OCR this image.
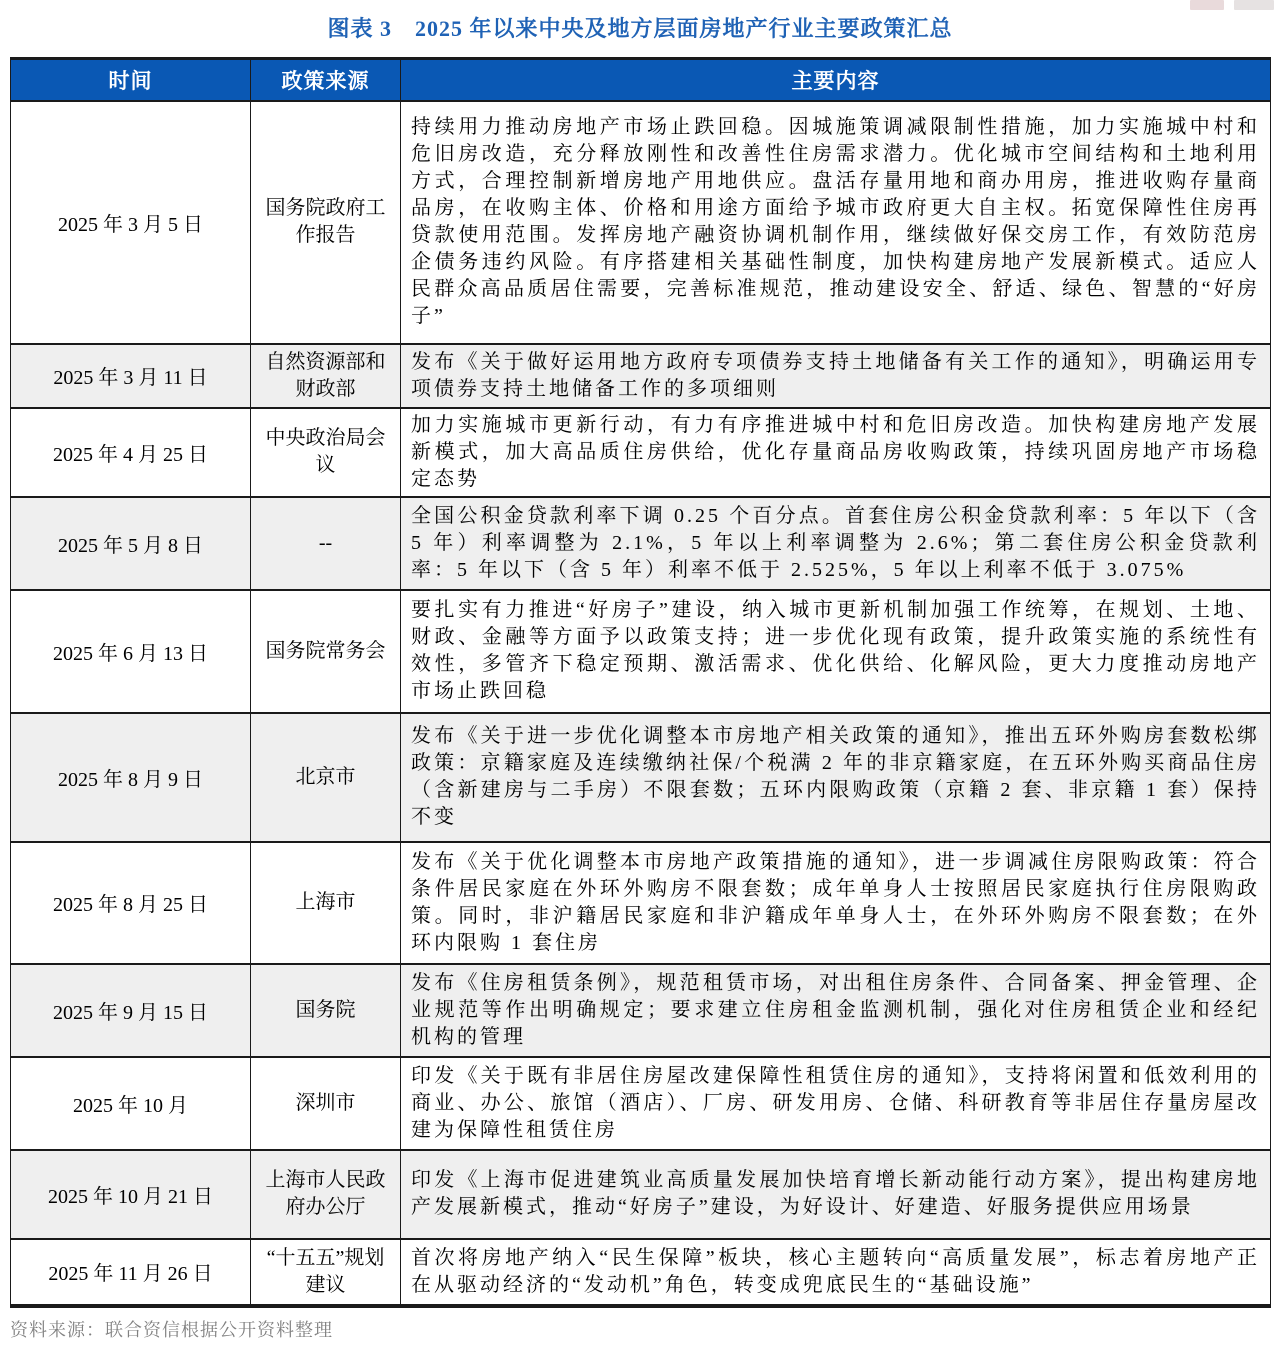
图表 3　2025 年以来中央及地方层面房地产行业主要政策汇总
时间	政策来源	主要内容
2025 年 3 月 5 日	国务院政府工作报告	持续用力推动房地产市场止跌回稳。因城施策调减限制性措施，加力实施城中村和危旧房改造，充分释放刚性和改善性住房需求潜力。优化城市空间结构和土地利用方式，合理控制新增房地产用地供应。盘活存量用地和商办用房，推进收购存量商品房，在收购主体、价格和用途方面给予城市政府更大自主权。拓宽保障性住房再贷款使用范围。发挥房地产融资协调机制作用，继续做好保交房工作，有效防范房企债务违约风险。有序搭建相关基础性制度，加快构建房地产发展新模式。适应人民群众高品质居住需要，完善标准规范，推动建设安全、舒适、绿色、智慧的“好房子”
2025 年 3 月 11 日	自然资源部和财政部	发布《关于做好运用地方政府专项债券支持土地储备有关工作的通知》，明确运用专项债券支持土地储备工作的多项细则
2025 年 4 月 25 日	中央政治局会议	加力实施城市更新行动，有力有序推进城中村和危旧房改造。加快构建房地产发展新模式，加大高品质住房供给，优化存量商品房收购政策，持续巩固房地产市场稳定态势
2025 年 5 月 8 日	--	全国公积金贷款利率下调 0.25 个百分点。首套住房公积金贷款利率：5 年以下（含 5 年）利率调整为 2.1%，5 年以上利率调整为 2.6%；第二套住房公积金贷款利率：5 年以下（含 5 年）利率不低于 2.525%，5 年以上利率不低于 3.075%
2025 年 6 月 13 日	国务院常务会	要扎实有力推进“好房子”建设，纳入城市更新机制加强工作统筹，在规划、土地、财政、金融等方面予以政策支持；进一步优化现有政策，提升政策实施的系统性有效性，多管齐下稳定预期、激活需求、优化供给、化解风险，更大力度推动房地产市场止跌回稳
2025 年 8 月 9 日	北京市	发布《关于进一步优化调整本市房地产相关政策的通知》，推出五环外购房套数松绑政策：京籍家庭及连续缴纳社保/个税满 2 年的非京籍家庭，在五环外购买商品住房（含新建房与二手房）不限套数；五环内限购政策（京籍 2 套、非京籍 1 套）保持不变
2025 年 8 月 25 日	上海市	发布《关于优化调整本市房地产政策措施的通知》，进一步调减住房限购政策：符合条件居民家庭在外环外购房不限套数；成年单身人士按照居民家庭执行住房限购政策。同时，非沪籍居民家庭和非沪籍成年单身人士，在外环外购房不限套数；在外环内限购 1 套住房
2025 年 9 月 15 日	国务院	发布《住房租赁条例》，规范租赁市场，对出租住房条件、合同备案、押金管理、企业规范等作出明确规定；要求建立住房租金监测机制，强化对住房租赁企业和经纪机构的管理
2025 年 10 月	深圳市	印发《关于既有非居住房屋改建保障性租赁住房的通知》，支持将闲置和低效利用的商业、办公、旅馆（酒店）、厂房、研发用房、仓储、科研教育等非居住存量房屋改建为保障性租赁住房
2025 年 10 月 21 日	上海市人民政府办公厅	印发《上海市促进建筑业高质量发展加快培育增长新动能行动方案》，提出构建房地产发展新模式，推动“好房子”建设，为好设计、好建造、好服务提供应用场景
2025 年 11 月 26 日	“十五五”规划建议	首次将房地产纳入“民生保障”板块，核心主题转向“高质量发展”，标志着房地产正在从驱动经济的“发动机”角色，转变成兜底民生的“基础设施”
资料来源：联合资信根据公开资料整理
